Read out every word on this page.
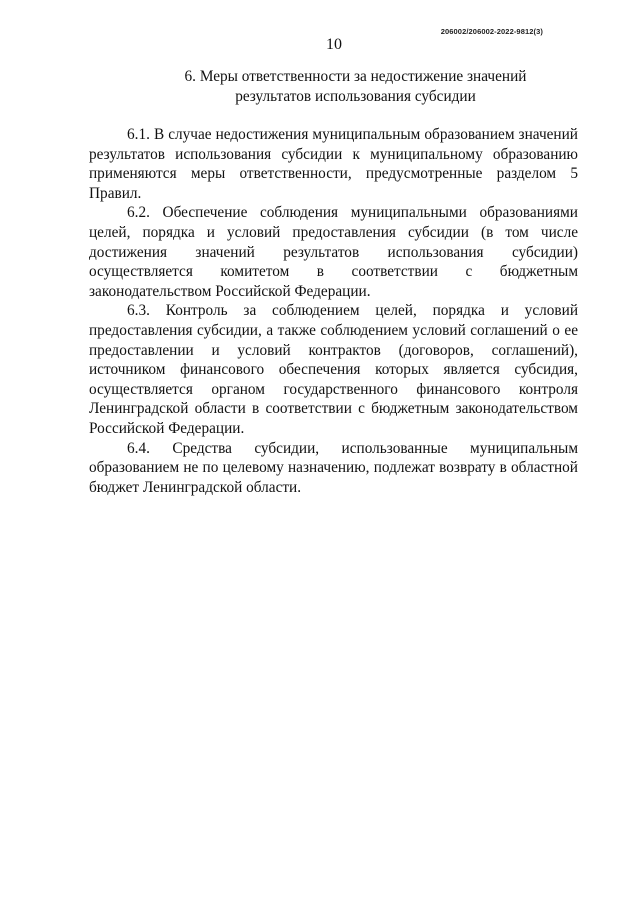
206002/206002-2022-9812(3)
10
6. Меры ответственности за недостижение значений
результатов использования субсидии

6.1. В случае недостижения муниципальным образованием значений результатов использования субсидии к муниципальному образованию применяются меры ответственности, предусмотренные разделом 5 Правил.

6.2. Обеспечение соблюдения муниципальными образованиями целей, порядка и условий предоставления субсидии (в том числе достижения значений результатов использования субсидии) осуществляется комитетом в соответствии с бюджетным законодательством Российской Федерации.

6.3. Контроль за соблюдением целей, порядка и условий предоставления субсидии, а также соблюдением условий соглашений о ее предоставлении и условий контрактов (договоров, соглашений), источником финансового обеспечения которых является субсидия, осуществляется органом государственного финансового контроля Ленинградской области в соответствии с бюджетным законодательством Российской Федерации.

6.4. Средства субсидии, использованные муниципальным образованием не по целевому назначению, подлежат возврату в областной бюджет Ленинградской области.
